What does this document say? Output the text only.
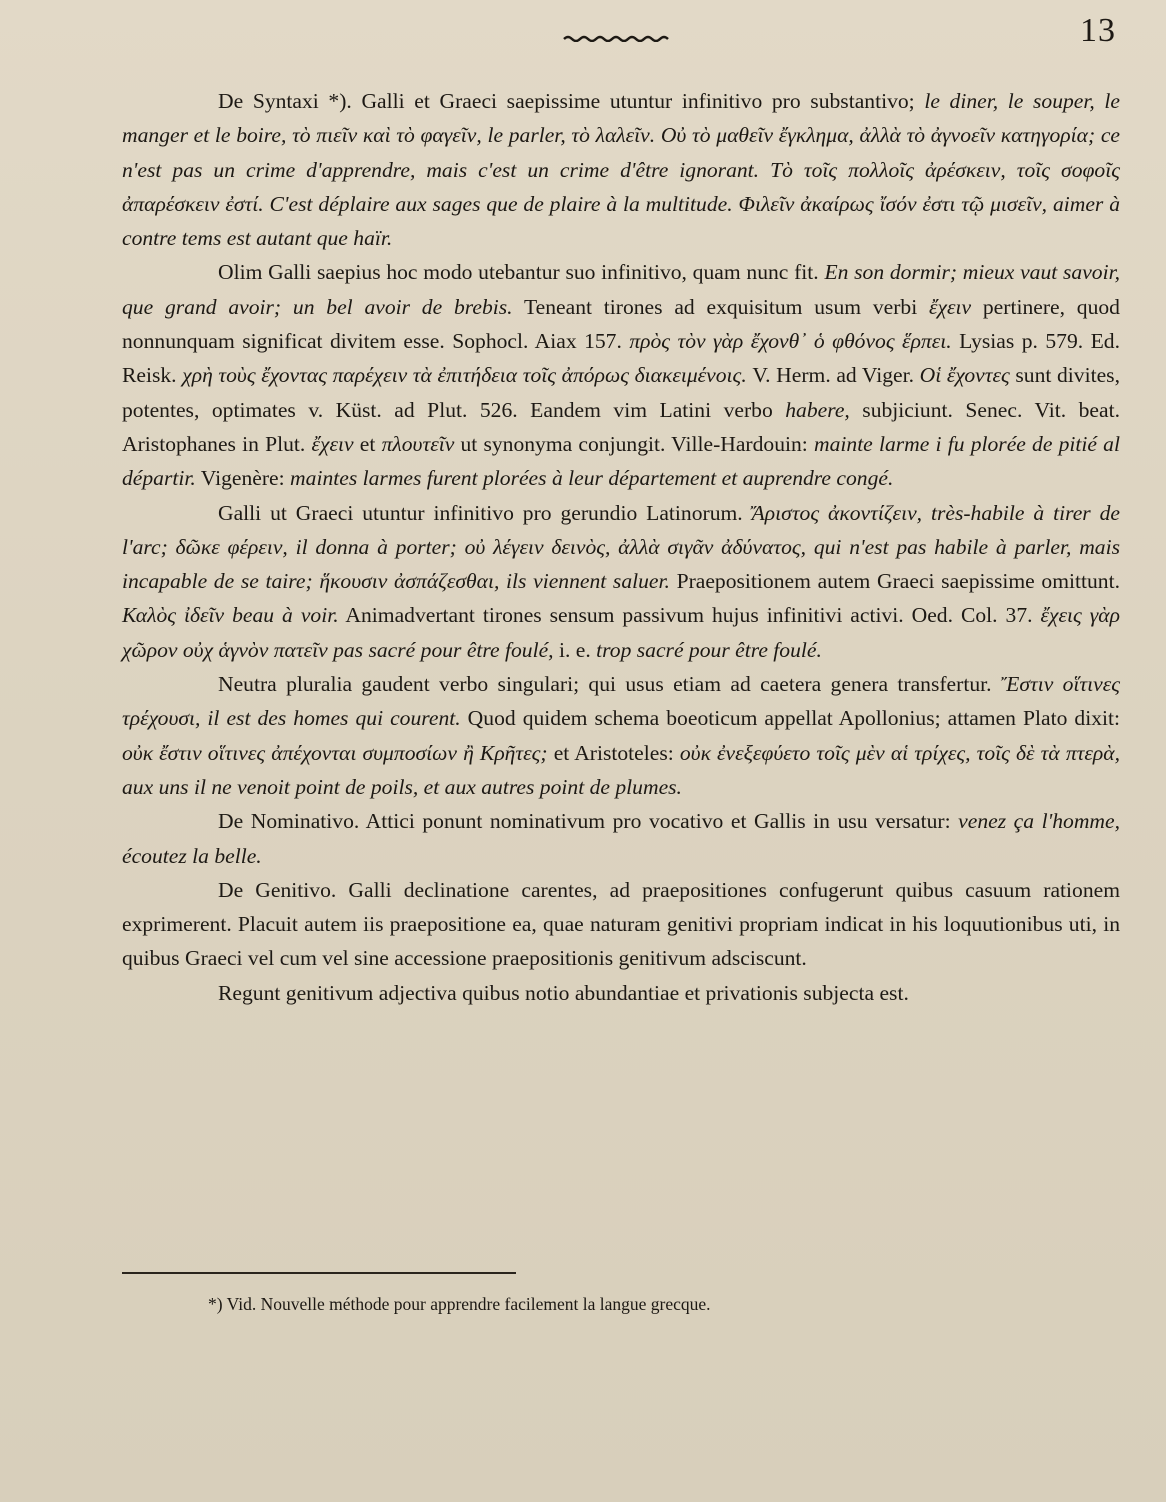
13

De Syntaxi *). Galli et Graeci saepissime utuntur infinitivo pro substantivo; le diner, le souper, le manger et le boire, τὸ πιεῖν καὶ τὸ φαγεῖν, le parler, τὸ λαλεῖν. Οὐ τὸ μαθεῖν ἔγκλημα, ἀλλὰ τὸ ἀγνοεῖν κατηγορία; ce n'est pas un crime d'apprendre, mais c'est un crime d'être ignorant. Τὸ τοῖς πολλοῖς ἀρέσκειν, τοῖς σοφοῖς ἀπαρέσκειν ἐστί. C'est déplaire aux sages que de plaire à la multitude. Φιλεῖν ἀκαίρως ἴσόν ἐστι τῷ μισεῖν, aimer à contre tems est autant que haïr.

Olim Galli saepius hoc modo utebantur suo infinitivo, quam nunc fit. En son dormir; mieux vaut savoir, que grand avoir; un bel avoir de brebis. Teneant tirones ad exquisitum usum verbi ἔχειν pertinere, quod nonnunquam significat divitem esse. Sophocl. Aiax 157. πρὸς τὸν γὰρ ἔχονθ᾽ ὁ φθόνος ἕρπει. Lysias p. 579. Ed. Reisk. χρὴ τοὺς ἔχοντας παρέχειν τὰ ἐπιτήδεια τοῖς ἀπόρως διακειμένοις. V. Herm. ad Viger. Οἱ ἔχοντες sunt divites, potentes, optimates v. Küst. ad Plut. 526. Eandem vim Latini verbo habere, subjiciunt. Senec. Vit. beat. Aristophanes in Plut. ἔχειν et πλουτεῖν ut synonyma conjungit. Ville-Hardouin: mainte larme i fu plorée de pitié al départir. Vigenère: maintes larmes furent plorées à leur département et auprendre congé.

Galli ut Graeci utuntur infinitivo pro gerundio Latinorum. Ἄριστος ἀκοντίζειν, très-habile à tirer de l'arc; δῶκε φέρειν, il donna à porter; οὐ λέγειν δεινὸς, ἀλλὰ σιγᾶν ἀδύνατος, qui n'est pas habile à parler, mais incapable de se taire; ἥκουσιν ἀσπάζεσθαι, ils viennent saluer. Praepositionem autem Graeci saepissime omittunt. Καλὸς ἰδεῖν beau à voir. Animadvertant tirones sensum passivum hujus infinitivi activi. Oed. Col. 37. ἔχεις γὰρ χῶρον οὐχ ἁγνὸν πατεῖν pas sacré pour être foulé, i. e. trop sacré pour être foulé.

Neutra pluralia gaudent verbo singulari; qui usus etiam ad caetera genera transfertur. Ἔστιν οἵτινες τρέχουσι, il est des homes qui courent. Quod quidem schema boeoticum appellat Apollonius; attamen Plato dixit: οὐκ ἔστιν οἵτινες ἀπέχονται συμποσίων ἢ Κρῆτες; et Aristoteles: οὐκ ἐνεξεφύετο τοῖς μὲν αἱ τρίχες, τοῖς δὲ τὰ πτερὰ, aux uns il ne venoit point de poils, et aux autres point de plumes.

De Nominativo. Attici ponunt nominativum pro vocativo et Gallis in usu versatur: venez ça l'homme, écoutez la belle.

De Genitivo. Galli declinatione carentes, ad praepositiones confugerunt quibus casuum rationem exprimerent. Placuit autem iis praepositione ea, quae naturam genitivi propriam indicat in his loquutionibus uti, in quibus Graeci vel cum vel sine accessione praepositionis genitivum adsciscunt.

Regunt genitivum adjectiva quibus notio abundantiae et privationis subjecta est.

*) Vid. Nouvelle méthode pour apprendre facilement la langue grecque.
